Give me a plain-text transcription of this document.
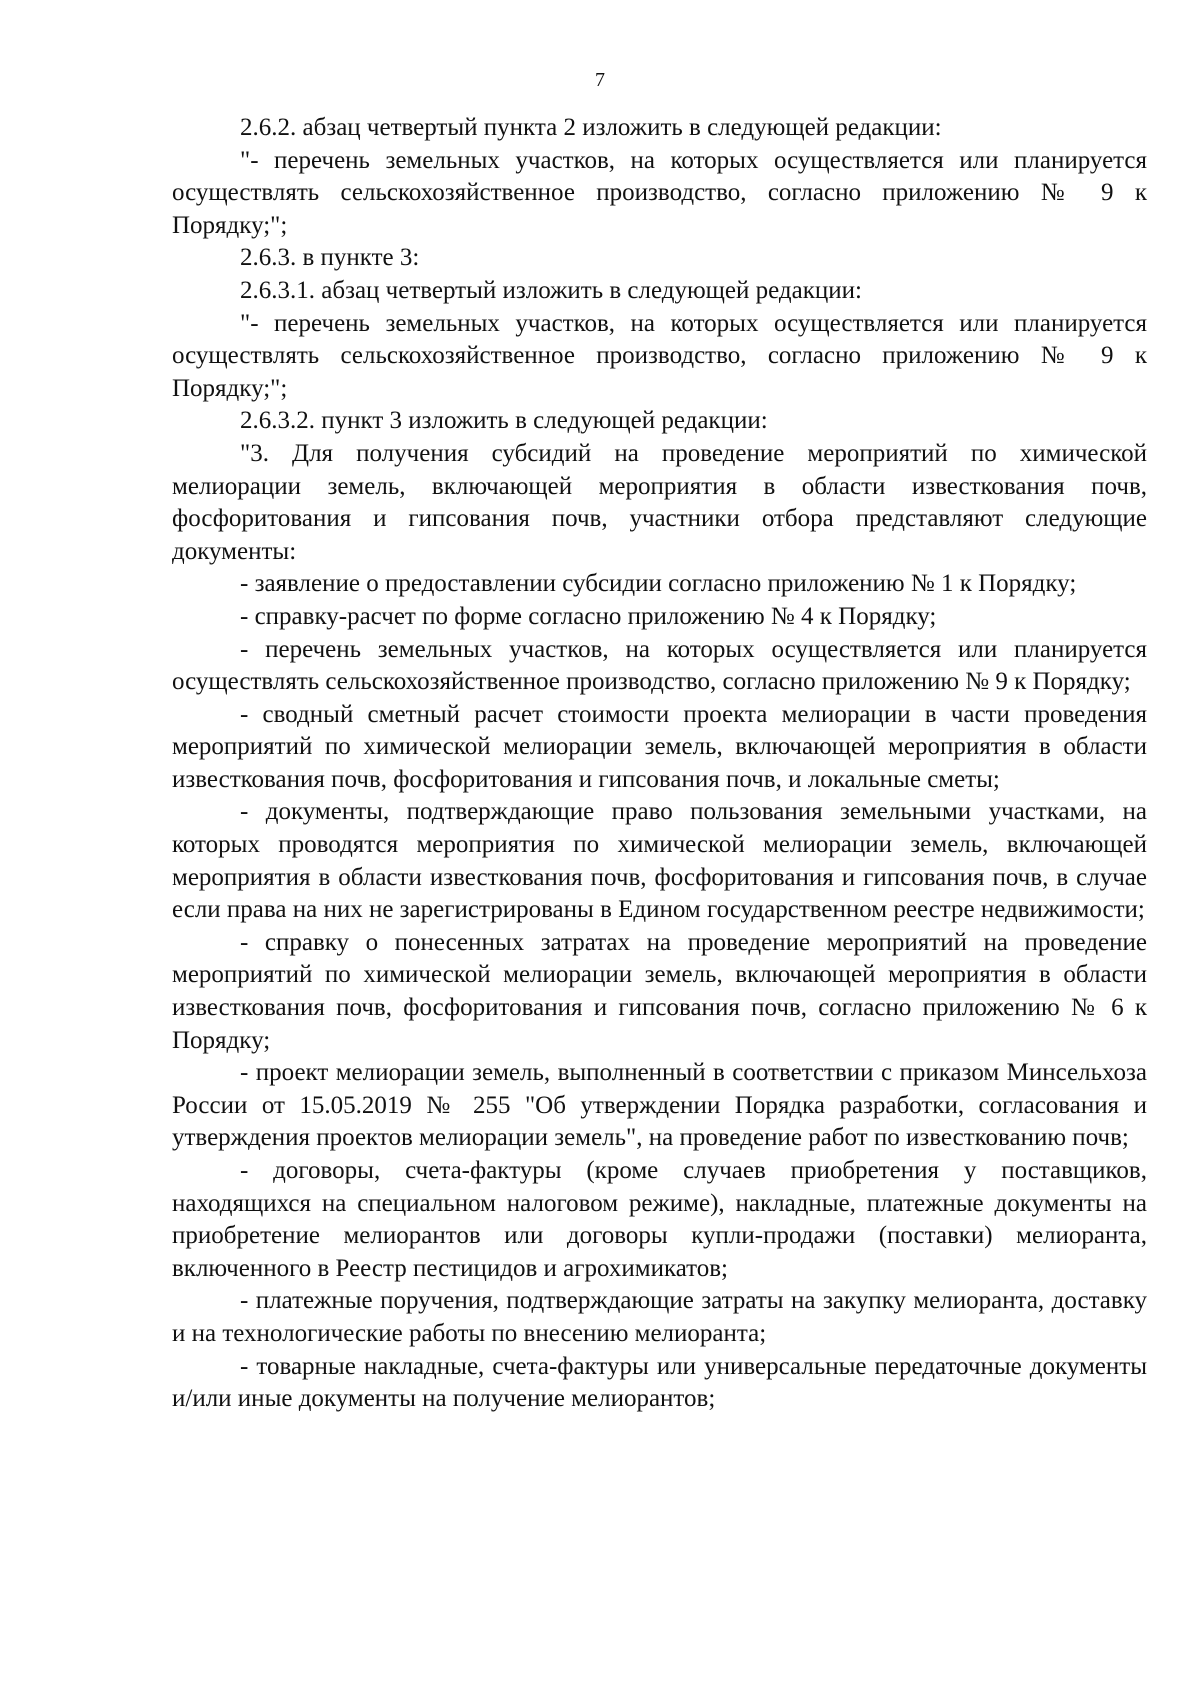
7

2.6.2. абзац четвертый пункта 2 изложить в следующей редакции:

"- перечень земельных участков, на которых осуществляется или планируется осуществлять сельскохозяйственное производство, согласно приложению № 9 к Порядку;";

2.6.3. в пункте 3:

2.6.3.1. абзац четвертый изложить в следующей редакции:

"- перечень земельных участков, на которых осуществляется или планируется осуществлять сельскохозяйственное производство, согласно приложению № 9 к Порядку;";

2.6.3.2. пункт 3 изложить в следующей редакции:

"3. Для получения субсидий на проведение мероприятий по химической мелиорации земель, включающей мероприятия в области известкования почв, фосфоритования и гипсования почв, участники отбора представляют следующие документы:

- заявление о предоставлении субсидии согласно приложению № 1 к Порядку;

- справку-расчет по форме согласно приложению № 4 к Порядку;

- перечень земельных участков, на которых осуществляется или планируется осуществлять сельскохозяйственное производство, согласно приложению № 9 к Порядку;

- сводный сметный расчет стоимости проекта мелиорации в части проведения мероприятий по химической мелиорации земель, включающей мероприятия в области известкования почв, фосфоритования и гипсования почв, и локальные сметы;

- документы, подтверждающие право пользования земельными участками, на которых проводятся мероприятия по химической мелиорации земель, включающей мероприятия в области известкования почв, фосфоритования и гипсования почв, в случае если права на них не зарегистрированы в Едином государственном реестре недвижимости;

- справку о понесенных затратах на проведение мероприятий на проведение мероприятий по химической мелиорации земель, включающей мероприятия в области известкования почв, фосфоритования и гипсования почв, согласно приложению № 6 к Порядку;

- проект мелиорации земель, выполненный в соответствии с приказом Минсельхоза России от 15.05.2019 № 255 "Об утверждении Порядка разработки, согласования и утверждения проектов мелиорации земель", на проведение работ по известкованию почв;

- договоры, счета-фактуры (кроме случаев приобретения у поставщиков, находящихся на специальном налоговом режиме), накладные, платежные документы на приобретение мелиорантов или договоры купли-продажи (поставки) мелиоранта, включенного в Реестр пестицидов и агрохимикатов;

- платежные поручения, подтверждающие затраты на закупку мелиоранта, доставку и на технологические работы по внесению мелиоранта;

- товарные накладные, счета-фактуры или универсальные передаточные документы и/или иные документы на получение мелиорантов;
